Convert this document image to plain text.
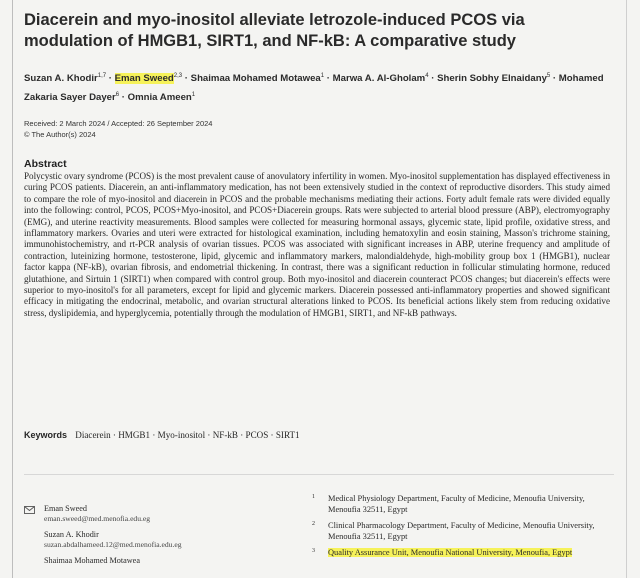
Diacerein and myo-inositol alleviate letrozole-induced PCOS via modulation of HMGB1, SIRT1, and NF-kB: A comparative study
Suzan A. Khodir$^{1,7}$ · Eman Sweed$^{2,3}$ · Shaimaa Mohamed Motawea$^1$ · Marwa A. Al-Gholam$^4$ · Sherin Sobhy Elnaidany$^5$ · Mohamed Zakaria Sayer Dayer$^6$ · Omnia Ameen$^1$
Received: 2 March 2024 / Accepted: 26 September 2024
© The Author(s) 2024
Abstract

Polycystic ovary syndrome (PCOS) is the most prevalent cause of anovulatory infertility in women. Myo-inositol supplementation has displayed effectiveness in curing PCOS patients. Diacerein, an anti-inflammatory medication, has not been extensively studied in the context of reproductive disorders. This study aimed to compare the role of myo-inositol and diacerein in PCOS and the probable mechanisms mediating their actions. Forty adult female rats were divided equally into the following: control, PCOS, PCOS+Myo-inositol, and PCOS+Diacerein groups. Rats were subjected to arterial blood pressure (ABP), electromyography (EMG), and uterine reactivity measurements. Blood samples were collected for measuring hormonal assays, glycemic state, lipid profile, oxidative stress, and inflammatory markers. Ovaries and uteri were extracted for histological examination, including hematoxylin and eosin staining, Masson's trichrome staining, immunohistochemistry, and rt-PCR analysis of ovarian tissues. PCOS was associated with significant increases in ABP, uterine frequency and amplitude of contraction, luteinizing hormone, testosterone, lipid, glycemic and inflammatory markers, malondialdehyde, high-mobility group box 1 (HMGB1), nuclear factor kappa (NF-kB), ovarian fibrosis, and endometrial thickening. In contrast, there was a significant reduction in follicular stimulating hormone, reduced glutathione, and Sirtuin 1 (SIRT1) when compared with control group. Both myo-inositol and diacerein counteract PCOS changes; but diacerein's effects were superior to myo-inositol's for all parameters, except for lipid and glycemic markers. Diacerein possessed anti-inflammatory properties and showed significant efficacy in mitigating the endocrinal, metabolic, and ovarian structural alterations linked to PCOS. Its beneficial actions likely stem from reducing oxidative stress, dyslipidemia, and hyperglycemia, potentially through the modulation of HMGB1, SIRT1, and NF-kB pathways.

Keywords Diacerein · HMGB1 · Myo-inositol · NF-kB · PCOS · SIRT1
Eman Sweed
eman.sweed@med.menofia.edu.eg
Suzan A. Khodir
suzan.abdalhameed.12@med.menofia.edu.eg
Shaimaa Mohamed Motawea
1 Medical Physiology Department, Faculty of Medicine, Menoufia University, Menoufia 32511, Egypt
2 Clinical Pharmacology Department, Faculty of Medicine, Menoufia University, Menoufia 32511, Egypt
3 Quality Assurance Unit, Menoufia National University, Menoufia, Egypt
